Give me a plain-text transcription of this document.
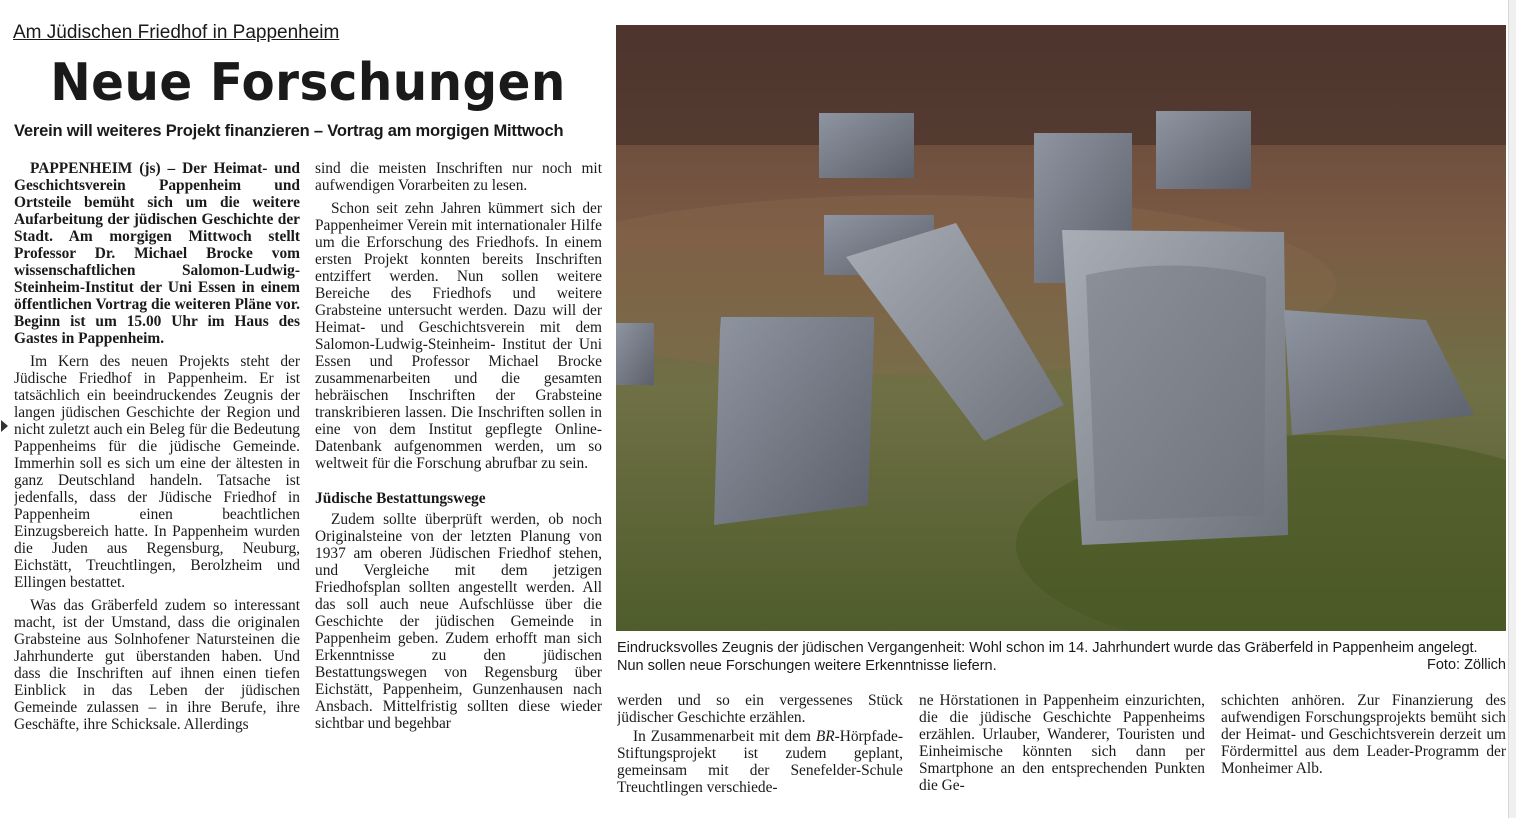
Am Jüdischen Friedhof in Pappenheim

Neue Forschungen

Verein will weiteres Projekt finanzieren – Vortrag am morgigen Mittwoch

PAPPENHEIM (js) – Der Heimat- und Geschichtsverein Pappenheim und Ortsteile bemüht sich um die weitere Aufarbeitung der jüdischen Geschichte der Stadt. Am morgigen Mittwoch stellt Professor Dr. Michael Brocke vom wissenschaftlichen Salomon-Ludwig-Steinheim-Institut der Uni Essen in einem öffentlichen Vortrag die weiteren Pläne vor. Beginn ist um 15.00 Uhr im Haus des Gastes in Pappenheim.

Im Kern des neuen Projekts steht der Jüdische Friedhof in Pappenheim. Er ist tatsächlich ein beeindruckendes Zeugnis der langen jüdischen Geschichte der Region und nicht zuletzt auch ein Beleg für die Bedeutung Pappenheims für die jüdische Gemeinde. Immerhin soll es sich um eine der ältesten in ganz Deutschland handeln. Tatsache ist jedenfalls, dass der Jüdische Friedhof in Pappenheim einen beachtlichen Einzugsbereich hatte. In Pappenheim wurden die Juden aus Regensburg, Neuburg, Eichstätt, Treuchtlingen, Berolzheim und Ellingen bestattet.

Was das Gräberfeld zudem so interessant macht, ist der Umstand, dass die originalen Grabsteine aus Solnhofener Natursteinen die Jahrhunderte gut überstanden haben. Und dass die Inschriften auf ihnen einen tiefen Einblick in das Leben der jüdischen Gemeinde zulassen – in ihre Berufe, ihre Geschäfte, ihre Schicksale. Allerdings

sind die meisten Inschriften nur noch mit aufwendigen Vorarbeiten zu lesen.

Schon seit zehn Jahren kümmert sich der Pappenheimer Verein mit internationaler Hilfe um die Erforschung des Friedhofs. In einem ersten Projekt konnten bereits Inschriften entziffert werden. Nun sollen weitere Bereiche des Friedhofs und weitere Grabsteine untersucht werden. Dazu will der Heimat- und Geschichtsverein mit dem Salomon-Ludwig-Steinheim- Institut der Uni Essen und Professor Michael Brocke zusammenarbeiten und die gesamten hebräischen Inschriften der Grabsteine transkribieren lassen. Die Inschriften sollen in eine von dem Institut gepflegte Online-Datenbank aufgenommen werden, um so weltweit für die Forschung abrufbar zu sein.

Jüdische Bestattungswege

Zudem sollte überprüft werden, ob noch Originalsteine von der letzten Planung von 1937 am oberen Jüdischen Friedhof stehen, und Vergleiche mit dem jetzigen Friedhofsplan sollten angestellt werden. All das soll auch neue Aufschlüsse über die Geschichte der jüdischen Gemeinde in Pappenheim geben. Zudem erhofft man sich Erkenntnisse zu den jüdischen Bestattungswegen von Regensburg über Eichstätt, Pappenheim, Gunzenhausen nach Ansbach. Mittelfristig sollten diese wieder sichtbar und begehbar

Eindrucksvolles Zeugnis der jüdischen Vergangenheit: Wohl schon im 14. Jahrhundert wurde das Gräberfeld in Pappenheim angelegt. Nun sollen neue Forschungen weitere Erkenntnisse liefern.	Foto: Zöllich

werden und so ein vergessenes Stück jüdischer Geschichte erzählen.

In Zusammenarbeit mit dem BR-Hörpfade-Stiftungsprojekt ist zudem geplant, gemeinsam mit der Senefelder-Schule Treuchtlingen verschiede-

ne Hörstationen in Pappenheim einzurichten, die die jüdische Geschichte Pappenheims erzählen. Urlauber, Wanderer, Touristen und Einheimische könnten sich dann per Smartphone an den entsprechenden Punkten die Ge-

schichten anhören. Zur Finanzierung des aufwendigen Forschungsprojekts bemüht sich der Heimat- und Geschichtsverein derzeit um Fördermittel aus dem Leader-Programm der Monheimer Alb.
